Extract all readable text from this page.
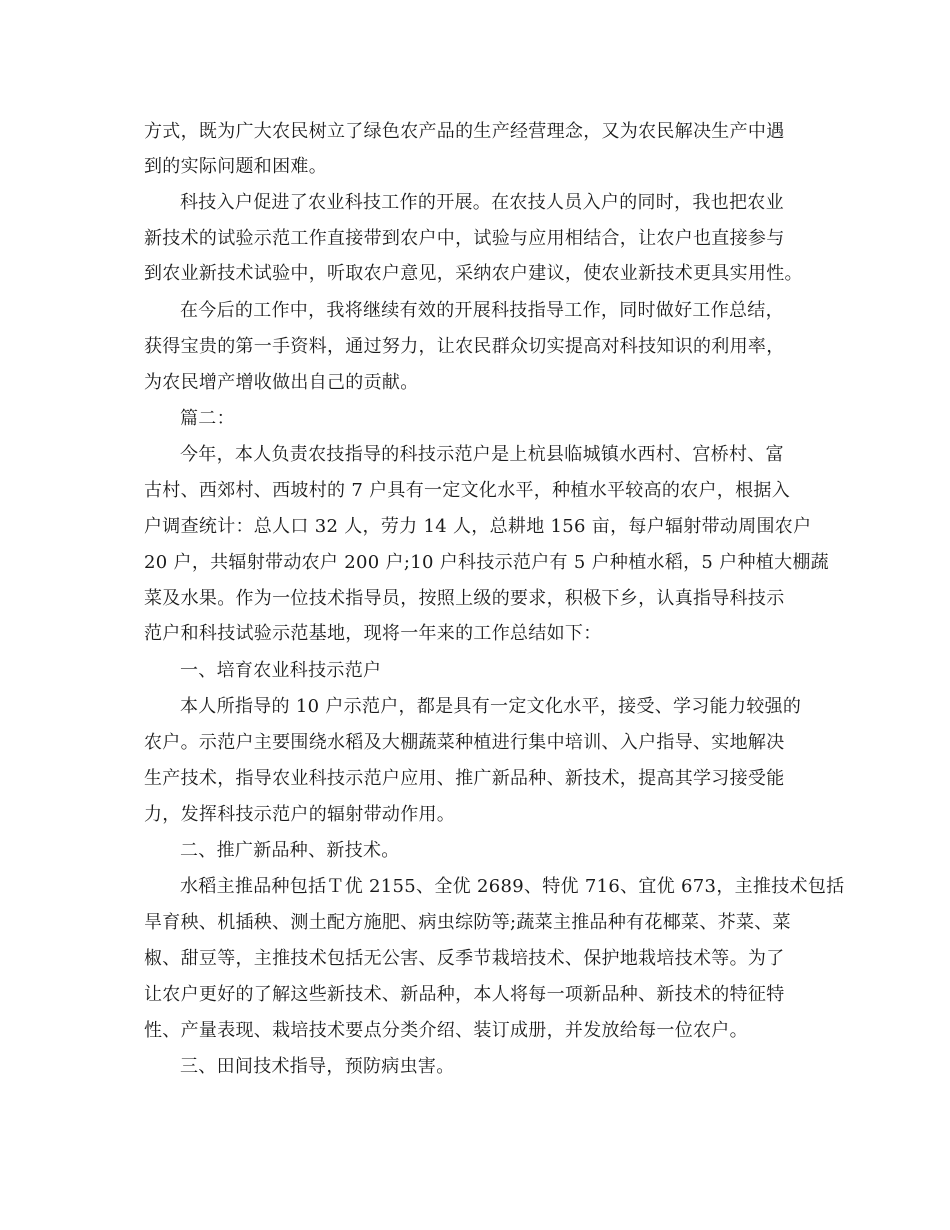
方式，既为广大农民树立了绿色农产品的生产经营理念，又为农民解决生产中遇
到的实际问题和困难。
科技入户促进了农业科技工作的开展。在农技人员入户的同时，我也把农业
新技术的试验示范工作直接带到农户中，试验与应用相结合，让农户也直接参与
到农业新技术试验中，听取农户意见，采纳农户建议，使农业新技术更具实用性。
在今后的工作中，我将继续有效的开展科技指导工作，同时做好工作总结，
获得宝贵的第一手资料，通过努力，让农民群众切实提高对科技知识的利用率，
为农民增产增收做出自己的贡献。
篇二：
今年，本人负责农技指导的科技示范户是上杭县临城镇水西村、宫桥村、富
古村、西郊村、西坡村的 7 户具有一定文化水平，种植水平较高的农户，根据入
户调查统计：总人口 32 人，劳力 14 人，总耕地 156 亩，每户辐射带动周围农户
20 户，共辐射带动农户 200 户;10 户科技示范户有 5 户种植水稻，5 户种植大棚蔬
菜及水果。作为一位技术指导员，按照上级的要求，积极下乡，认真指导科技示
范户和科技试验示范基地，现将一年来的工作总结如下：
一、培育农业科技示范户
本人所指导的 10 户示范户，都是具有一定文化水平，接受、学习能力较强的
农户。示范户主要围绕水稻及大棚蔬菜种植进行集中培训、入户指导、实地解决
生产技术，指导农业科技示范户应用、推广新品种、新技术，提高其学习接受能
力，发挥科技示范户的辐射带动作用。
二、推广新品种、新技术。
水稻主推品种包括Ｔ优 2155、全优 2689、特优 716、宜优 673，主推技术包括
旱育秧、机插秧、测土配方施肥、病虫综防等;蔬菜主推品种有花椰菜、芥菜、菜
椒、甜豆等，主推技术包括无公害、反季节栽培技术、保护地栽培技术等。为了
让农户更好的了解这些新技术、新品种，本人将每一项新品种、新技术的特征特
性、产量表现、栽培技术要点分类介绍、装订成册，并发放给每一位农户。
三、田间技术指导，预防病虫害。
